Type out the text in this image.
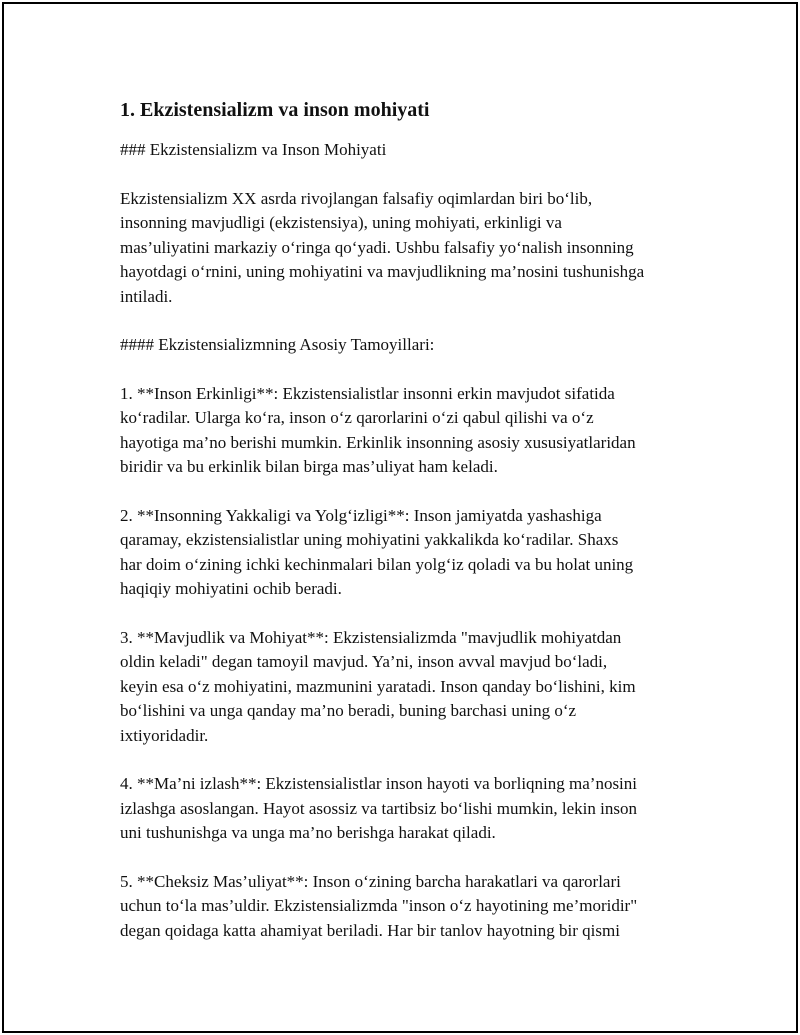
1. Ekzistensializm va inson mohiyati
### Ekzistensializm va Inson Mohiyati
Ekzistensializm XX asrda rivojlangan falsafiy oqimlardan biri bo‘lib,
insonning mavjudligi (ekzistensiya), uning mohiyati, erkinligi va
mas’uliyatini markaziy o‘ringa qo‘yadi. Ushbu falsafiy yo‘nalish insonning
hayotdagi o‘rnini, uning mohiyatini va mavjudlikning ma’nosini tushunishga
intiladi.
#### Ekzistensializmning Asosiy Tamoyillari:
1. **Inson Erkinligi**: Ekzistensialistlar insonni erkin mavjudot sifatida
ko‘radilar. Ularga ko‘ra, inson o‘z qarorlarini o‘zi qabul qilishi va o‘z
hayotiga ma’no berishi mumkin. Erkinlik insonning asosiy xususiyatlaridan
biridir va bu erkinlik bilan birga mas’uliyat ham keladi.
2. **Insonning Yakkaligi va Yolg‘izligi**: Inson jamiyatda yashashiga
qaramay, ekzistensialistlar uning mohiyatini yakkalikda ko‘radilar. Shaxs
har doim o‘zining ichki kechinmalari bilan yolg‘iz qoladi va bu holat uning
haqiqiy mohiyatini ochib beradi.
3. **Mavjudlik va Mohiyat**: Ekzistensializmda "mavjudlik mohiyatdan
oldin keladi" degan tamoyil mavjud. Ya’ni, inson avval mavjud bo‘ladi,
keyin esa o‘z mohiyatini, mazmunini yaratadi. Inson qanday bo‘lishini, kim
bo‘lishini va unga qanday ma’no beradi, buning barchasi uning o‘z
ixtiyoridadir.
4. **Ma’ni izlash**: Ekzistensialistlar inson hayoti va borliqning ma’nosini
izlashga asoslangan. Hayot asossiz va tartibsiz bo‘lishi mumkin, lekin inson
uni tushunishga va unga ma’no berishga harakat qiladi.
5. **Cheksiz Mas’uliyat**: Inson o‘zining barcha harakatlari va qarorlari
uchun to‘la mas’uldir. Ekzistensializmda "inson o‘z hayotining me’moridir"
degan qoidaga katta ahamiyat beriladi. Har bir tanlov hayotning bir qismi
